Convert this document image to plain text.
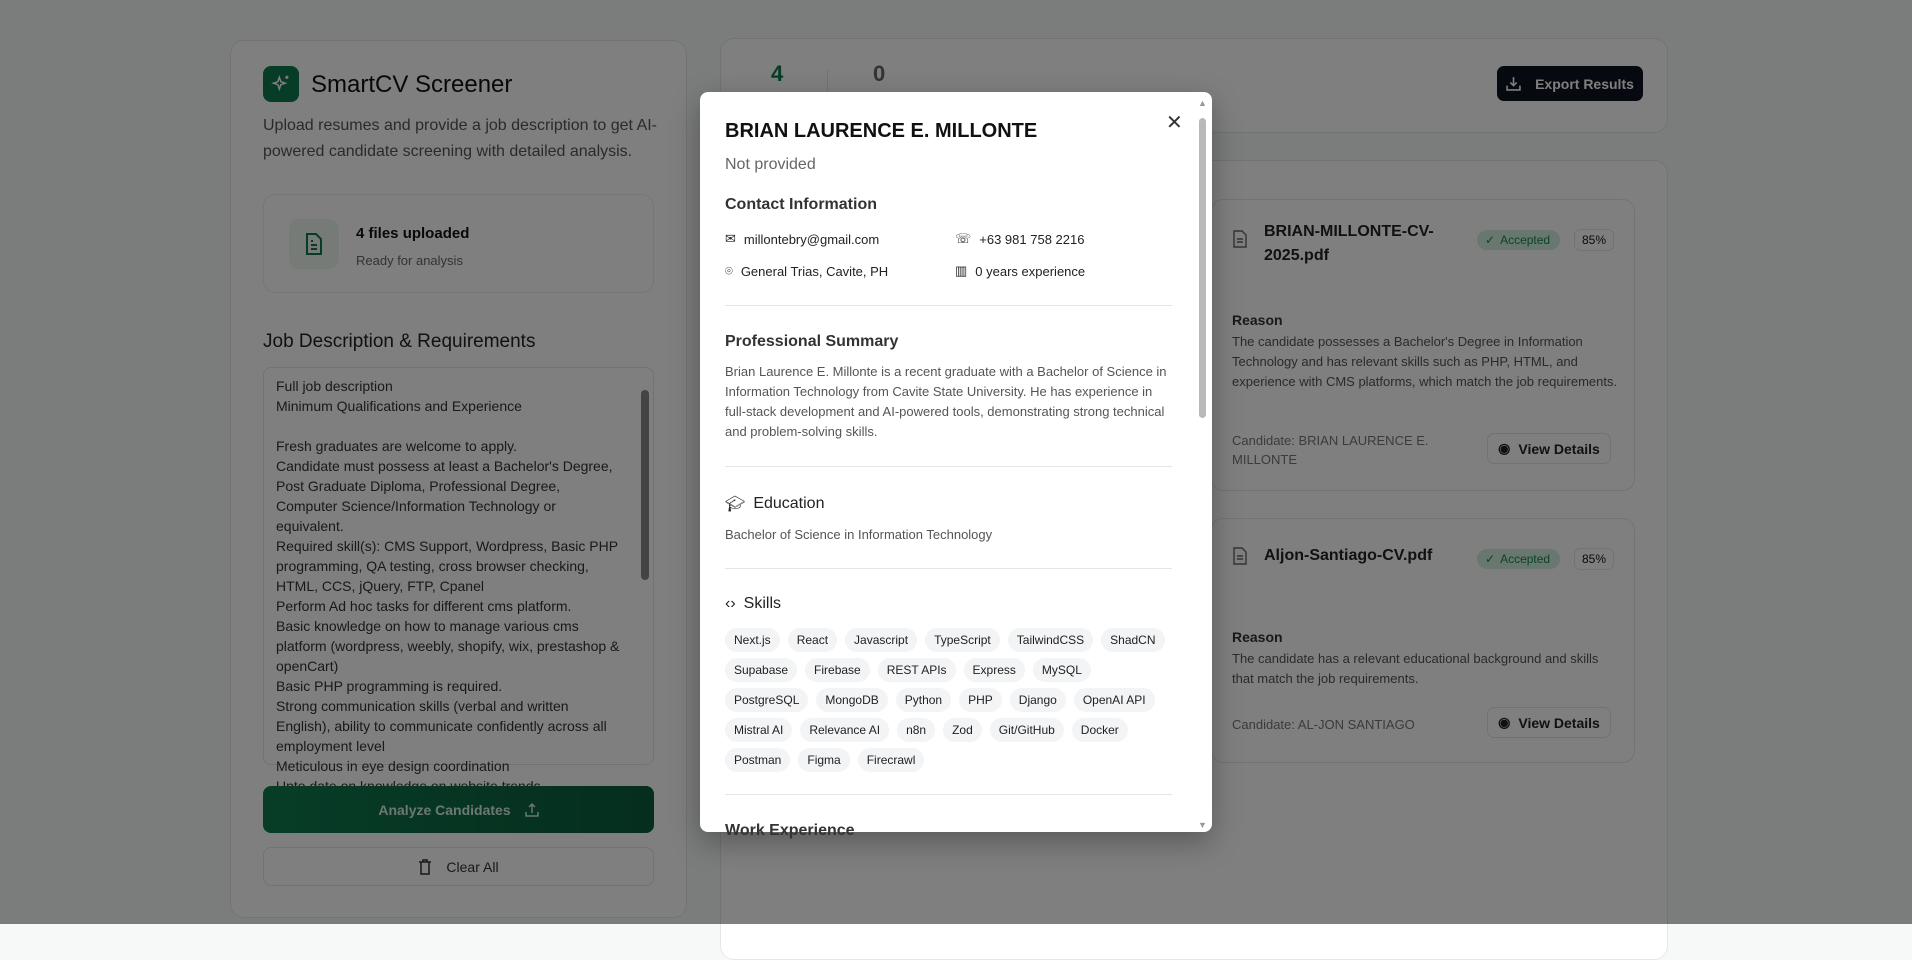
BRIAN LAURENCE E. MILLONTE
Not provided
Contact Information
✉ millontebry@gmail.com	☏ +63 981 758 2216
⌾ General Trias, Cavite, PH	▥ 0 years experience
Professional Summary
Brian Laurence E. Millonte is a recent graduate with a Bachelor of Science in Information Technology from Cavite State University. He has experience in full-stack development and AI-powered tools, demonstrating strong technical and problem-solving skills.
🎓︎ Education
Bachelor of Science in Information Technology
‹› Skills
Next.js	React	Javascript	TypeScript	TailwindCSS	ShadCN
Supabase	Firebase	REST APIs	Express	MySQL
PostgreSQL	MongoDB	Python	PHP	Django	OpenAI API
Mistral AI	Relevance AI	n8n	Zod	Git/GitHub	Docker
Postman	Figma	Firecrawl
Work Experience
✕
▲
▼
